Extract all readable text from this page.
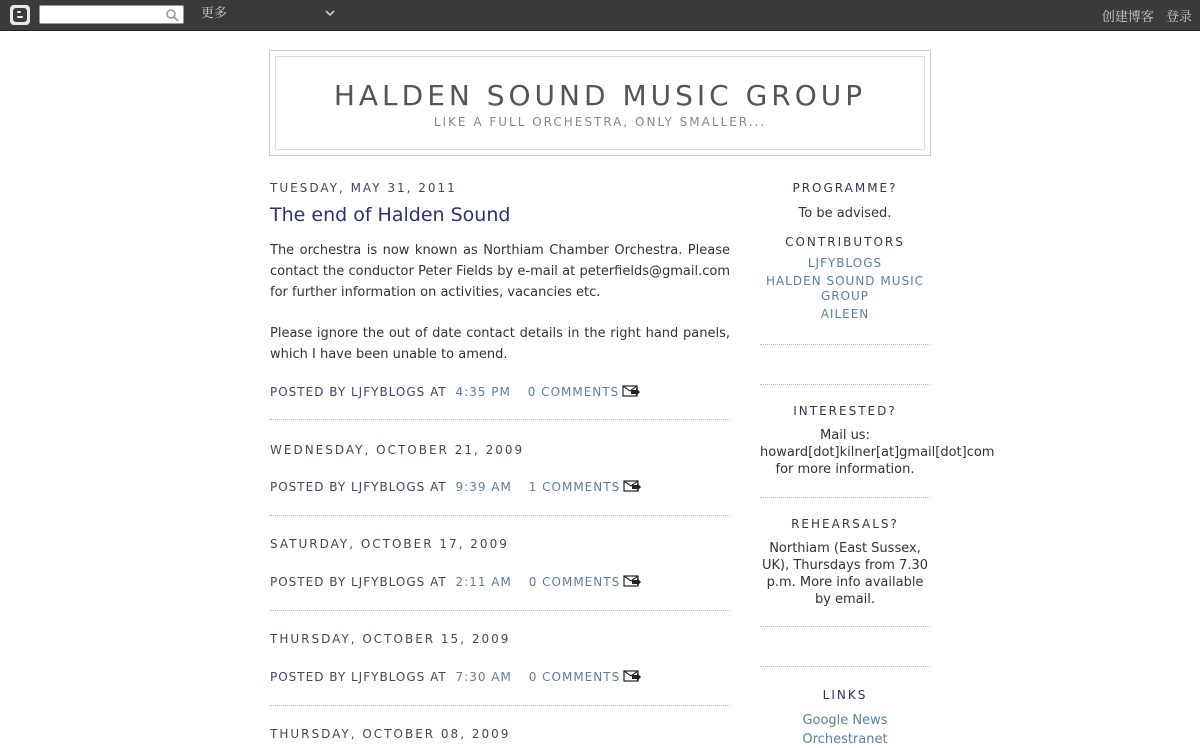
更多	创建博客 登录
HALDEN SOUND MUSIC GROUP
LIKE A FULL ORCHESTRA, ONLY SMALLER...
TUESDAY, MAY 31, 2011
The end of Halden Sound

The orchestra is now known as Northiam Chamber Orchestra. Please contact the conductor Peter Fields by e-mail at peterfields@gmail.com for further information on activities, vacancies etc.

Please ignore the out of date contact details in the right hand panels, which I have been unable to amend.

POSTED BY LJFYBLOGS AT 4:35 PM 0 COMMENTS
WEDNESDAY, OCTOBER 21, 2009
POSTED BY LJFYBLOGS AT 9:39 AM 1 COMMENTS
SATURDAY, OCTOBER 17, 2009
POSTED BY LJFYBLOGS AT 2:11 AM 0 COMMENTS
THURSDAY, OCTOBER 15, 2009
POSTED BY LJFYBLOGS AT 7:30 AM 0 COMMENTS
THURSDAY, OCTOBER 08, 2009
PROGRAMME?
To be advised.
CONTRIBUTORS
LJFYBLOGS
HALDEN SOUND MUSIC GROUP
AILEEN
INTERESTED?
Mail us:
howard[dot]kilner[at]gmail[dot]com
for more information.
REHEARSALS?
Northiam (East Sussex, UK), Thursdays from 7.30 p.m. More info available by email.
LINKS
Google News
Orchestranet
